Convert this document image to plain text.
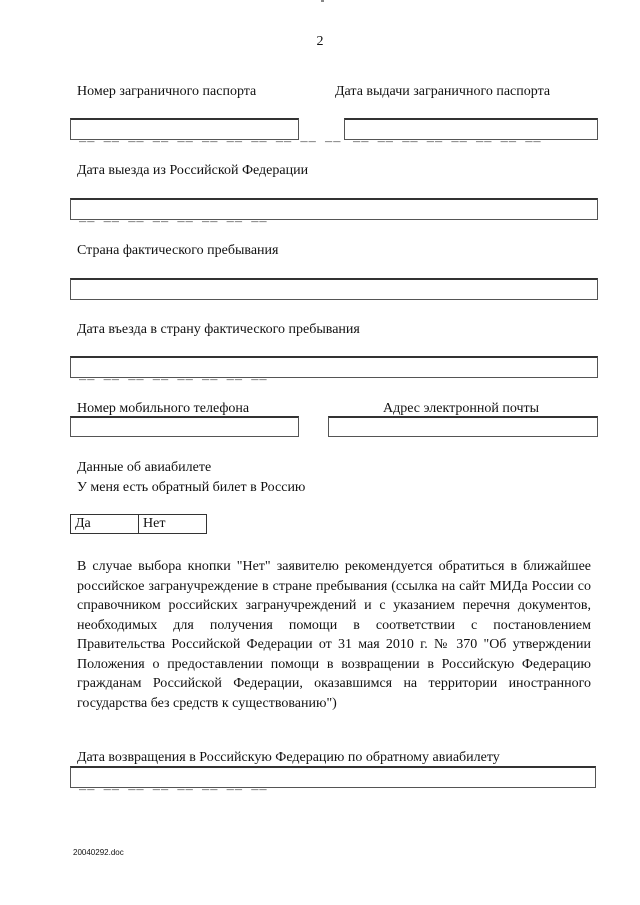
2
Номер заграничного паспорта	Дата выдачи заграничного паспорта
__ __ __ __ __ __ __ __ __ __ __ __ __ __ __ __ __ __ __
Дата выезда из Российской Федерации
__ __ __ __ __ __ __ __
Страна фактического пребывания
Дата въезда в страну фактического пребывания
__ __ __ __ __ __ __ __
Номер мобильного телефона	Адрес электронной почты
Данные об авиабилете
У меня есть обратный билет в Россию
Да	Нет
В случае выбора кнопки "Нет" заявителю рекомендуется обратиться в ближайшее российское загранучреждение в стране пребывания (ссылка на сайт МИДа России со справочником российских загранучреждений и с указанием перечня документов, необходимых для получения помощи в соответствии с постановлением Правительства Российской Федерации от 31 мая 2010 г. № 370 "Об утверждении Положения о предоставлении помощи в возвращении в Российскую Федерацию гражданам Российской Федерации, оказавшимся на территории иностранного государства без средств к существованию")
Дата возвращения в Российскую Федерацию по обратному авиабилету
__ __ __ __ __ __ __ __
20040292.doc
